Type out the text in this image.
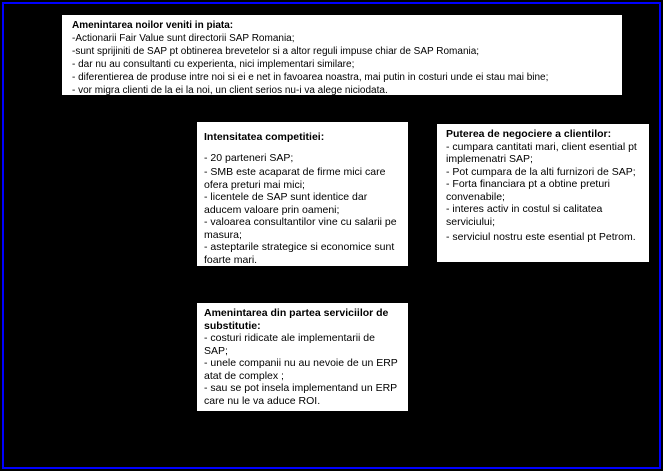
Amenintarea noilor veniti in piata:
-Actionarii Fair Value sunt directorii SAP Romania;
-sunt sprijiniti de SAP pt obtinerea brevetelor si a altor reguli impuse chiar de SAP Romania;
- dar nu au consultanti cu experienta, nici implementari similare;
- diferentierea de produse intre noi si ei e net in favoarea noastra, mai putin in costuri unde ei stau mai bine;
- vor migra clienti de la ei la noi, un client serios nu-i va alege niciodata.
Intensitatea competitiei:
- 20 parteneri SAP;
- SMB este acaparat de firme mici care ofera preturi mai mici;
- licentele de SAP sunt identice dar aducem valoare prin oameni;
- valoarea consultantilor vine cu salarii pe masura;
- asteptarile strategice si economice sunt foarte mari.
Puterea de negociere a clientilor:
- cumpara cantitati mari, client esential pt implemenatri SAP;
- Pot cumpara de la alti furnizori de SAP;
- Forta financiara pt a obtine preturi convenabile;
- interes activ in costul si calitatea serviciului;
- serviciul nostru este esential pt Petrom.
Amenintarea din partea serviciilor de substitutie:
- costuri ridicate ale implementarii de SAP;
- unele companii nu au nevoie de un ERP atat de complex ;
- sau se pot insela implementand un ERP care nu le va aduce ROI.
